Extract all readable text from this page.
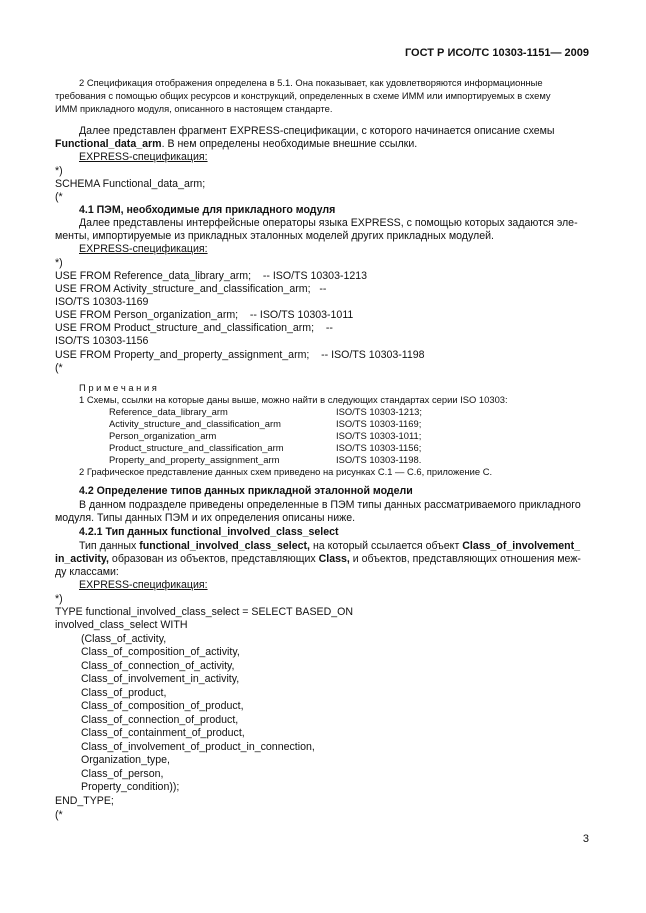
ГОСТ Р ИСО/ТС 10303-1151— 2009
2 Спецификация отображения определена в 5.1. Она показывает, как удовлетворяются информационные
требования с помощью общих ресурсов и конструкций, определенных в схеме ИММ или импортируемых в схему
ИММ прикладного модуля, описанного в настоящем стандарте.
Далее представлен фрагмент EXPRESS-спецификации, с которого начинается описание схемы
Functional_data_arm. В нем определены необходимые внешние ссылки.
EXPRESS-спецификация:
*)
SCHEMA Functional_data_arm;
(*
4.1 ПЭМ, необходимые для прикладного модуля
Далее представлены интерфейсные операторы языка EXPRESS, с помощью которых задаются эле-
менты, импортируемые из прикладных эталонных моделей других прикладных модулей.
EXPRESS-спецификация:
*)
USE FROM Reference_data_library_arm;    -- ISO/TS 10303-1213
USE FROM Activity_structure_and_classification_arm;   --
ISO/TS 10303-1169
USE FROM Person_organization_arm;    -- ISO/TS 10303-1011
USE FROM Product_structure_and_classification_arm;    --
ISO/TS 10303-1156
USE FROM Property_and_property_assignment_arm;    -- ISO/TS 10303-1198
(*
П р и м е ч а н и я
1 Схемы, ссылки на которые даны выше, можно найти в следующих стандартах серии ISO 10303:
Reference_data_library_arm	ISO/TS 10303-1213;
Activity_structure_and_classification_arm	ISO/TS 10303-1169;
Person_organization_arm	ISO/TS 10303-1011;
Product_structure_and_classification_arm	ISO/TS 10303-1156;
Property_and_property_assignment_arm	ISO/TS 10303-1198.
2 Графическое представление данных схем приведено на рисунках С.1 — С.6, приложение С.
4.2 Определение типов данных прикладной эталонной модели
В данном подразделе приведены определенные в ПЭМ типы данных рассматриваемого прикладного
модуля. Типы данных ПЭМ и их определения описаны ниже.
4.2.1 Тип данных functional_involved_class_select
Тип данных functional_involved_class_select, на который ссылается объект Class_of_involvement_
in_activity, образован из объектов, представляющих Class, и объектов, представляющих отношения меж-
ду классами:
EXPRESS-спецификация:
*)
TYPE functional_involved_class_select = SELECT BASED_ON
involved_class_select WITH
(Class_of_activity,
Class_of_composition_of_activity,
Class_of_connection_of_activity,
Class_of_involvement_in_activity,
Class_of_product,
Class_of_composition_of_product,
Class_of_connection_of_product,
Class_of_containment_of_product,
Class_of_involvement_of_product_in_connection,
Organization_type,
Class_of_person,
Property_condition));
END_TYPE;
(*
3
